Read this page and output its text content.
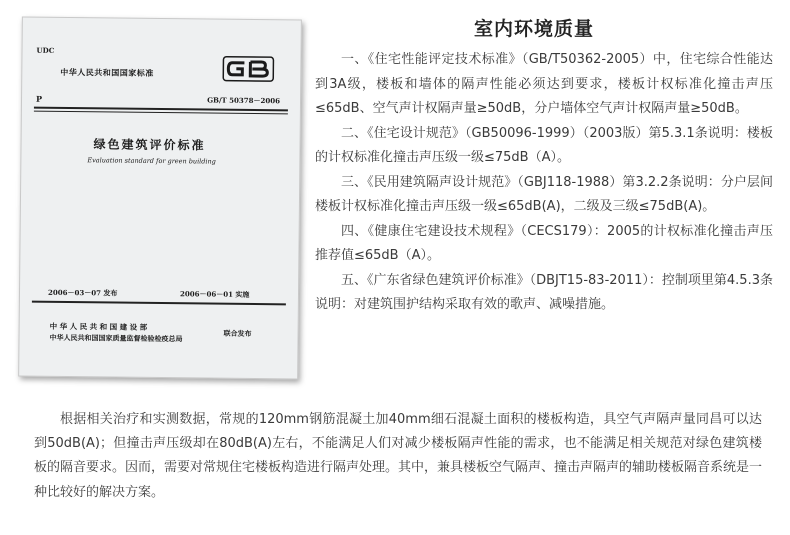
UDC
中华人民共和国国家标准
P	GB/T 50378－2006
绿色建筑评价标准
Evaluation standard for green building
2006－03－07 发布	2006－06－01 实施
中华人民共和国建设部
中华人民共和国国家质量监督检验检疫总局	联合发布
室内环境质量

一、《住宅性能评定技术标准》（GB/T50362-2005）中，住宅综合性能达到3A级，楼板和墙体的隔声性能必须达到要求，楼板计权标准化撞击声压≤65dB、空气声计权隔声量≥50dB，分户墙体空气声计权隔声量≥50dB。

二、《住宅设计规范》（GB50096-1999）（2003版）第5.3.1条说明：楼板的计权标准化撞击声压级一级≤75dB（A）。

三、《民用建筑隔声设计规范》（GBJ118-1988）第3.2.2条说明：分户层间楼板计权标准化撞击声压级一级≤65dB(A)，二级及三级≤75dB(A)。

四、《健康住宅建设技术规程》（CECS179）：2005的计权标准化撞击声压推荐值≤65dB（A）。

五、《广东省绿色建筑评价标准》（DBJT15-83-2011）：控制项里第4.5.3条说明：对建筑围护结构采取有效的歌声、减噪措施。

根据相关治疗和实测数据，常规的120mm钢筋混凝土加40mm细石混凝土面积的楼板构造，具空气声隔声量同昌可以达到50dB(A)；但撞击声压级却在80dB(A)左右，不能满足人们对减少楼板隔声性能的需求，也不能满足相关规范对绿色建筑楼板的隔音要求。因而，需要对常规住宅楼板构造进行隔声处理。其中，兼具楼板空气隔声、撞击声隔声的辅助楼板隔音系统是一种比较好的解决方案。
